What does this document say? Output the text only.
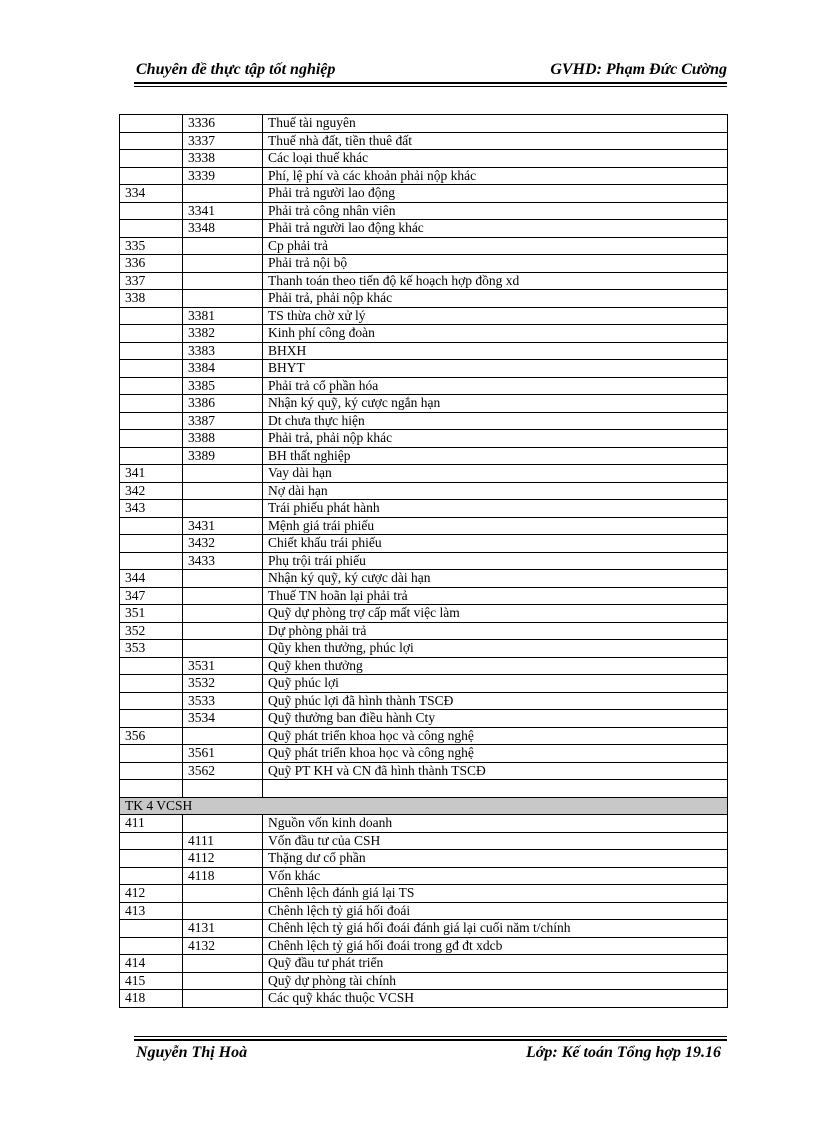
Chuyên đề thực tập tốt nghiệp	GVHD: Phạm Đức Cường
	3336	Thuế tài nguyên
	3337	Thuế nhà đất, tiền thuê đất
	3338	Các loại thuế khác
	3339	Phí, lệ phí và các khoản phải nộp khác
334		Phải trả người lao động
	3341	Phải trả công nhân viên
	3348	Phải trả người lao động khác
335		Cp phải trả
336		Phải trả nội bộ
337		Thanh toán theo tiến độ kế hoạch hợp đồng xd
338		Phải trả, phải nộp khác
	3381	TS thừa chờ xử lý
	3382	Kinh phí công đoàn
	3383	BHXH
	3384	BHYT
	3385	Phải trả cổ phần hóa
	3386	Nhận ký quỹ, ký cược ngắn hạn
	3387	Dt chưa thực hiện
	3388	Phải trả, phải nộp khác
	3389	BH thất nghiệp
341		Vay dài hạn
342		Nợ dài hạn
343		Trái phiếu phát hành
	3431	Mệnh giá trái phiếu
	3432	Chiết khấu trái phiếu
	3433	Phụ trội trái phiếu
344		Nhận ký quỹ, ký cược dài hạn
347		Thuế TN hoãn lại phải trả
351		Quỹ dự phòng trợ cấp mất việc làm
352		Dự phòng phải trả
353		Qũy khen thưởng, phúc lợi
	3531	Quỹ khen thưởng
	3532	Quỹ phúc lợi
	3533	Quỹ phúc lợi đã hình thành TSCĐ
	3534	Quỹ thưởng ban điều hành Cty
356		Quỹ phát triển khoa học và công nghệ
	3561	Quỹ phát triển khoa học và công nghệ
	3562	Quỹ PT KH và CN đã hình thành TSCĐ

TK 4 VCSH		
411		Nguồn vốn kinh doanh
	4111	Vốn đầu tư của CSH
	4112	Thặng dư cổ phần
	4118	Vốn khác
412		Chênh lệch đánh giá lại TS
413		Chênh lệch tỷ giá hối đoái
	4131	Chênh lệch tỷ giá hối đoái đánh giá lại cuối năm t/chính
	4132	Chênh lệch tỷ giá hối đoái trong gđ đt xdcb
414		Quỹ đầu tư phát triển
415		Quỹ dự phòng tài chính
418		Các quỹ khác thuộc VCSH
Nguyễn Thị Hoà	Lớp: Kế toán Tổng hợp 19.16
